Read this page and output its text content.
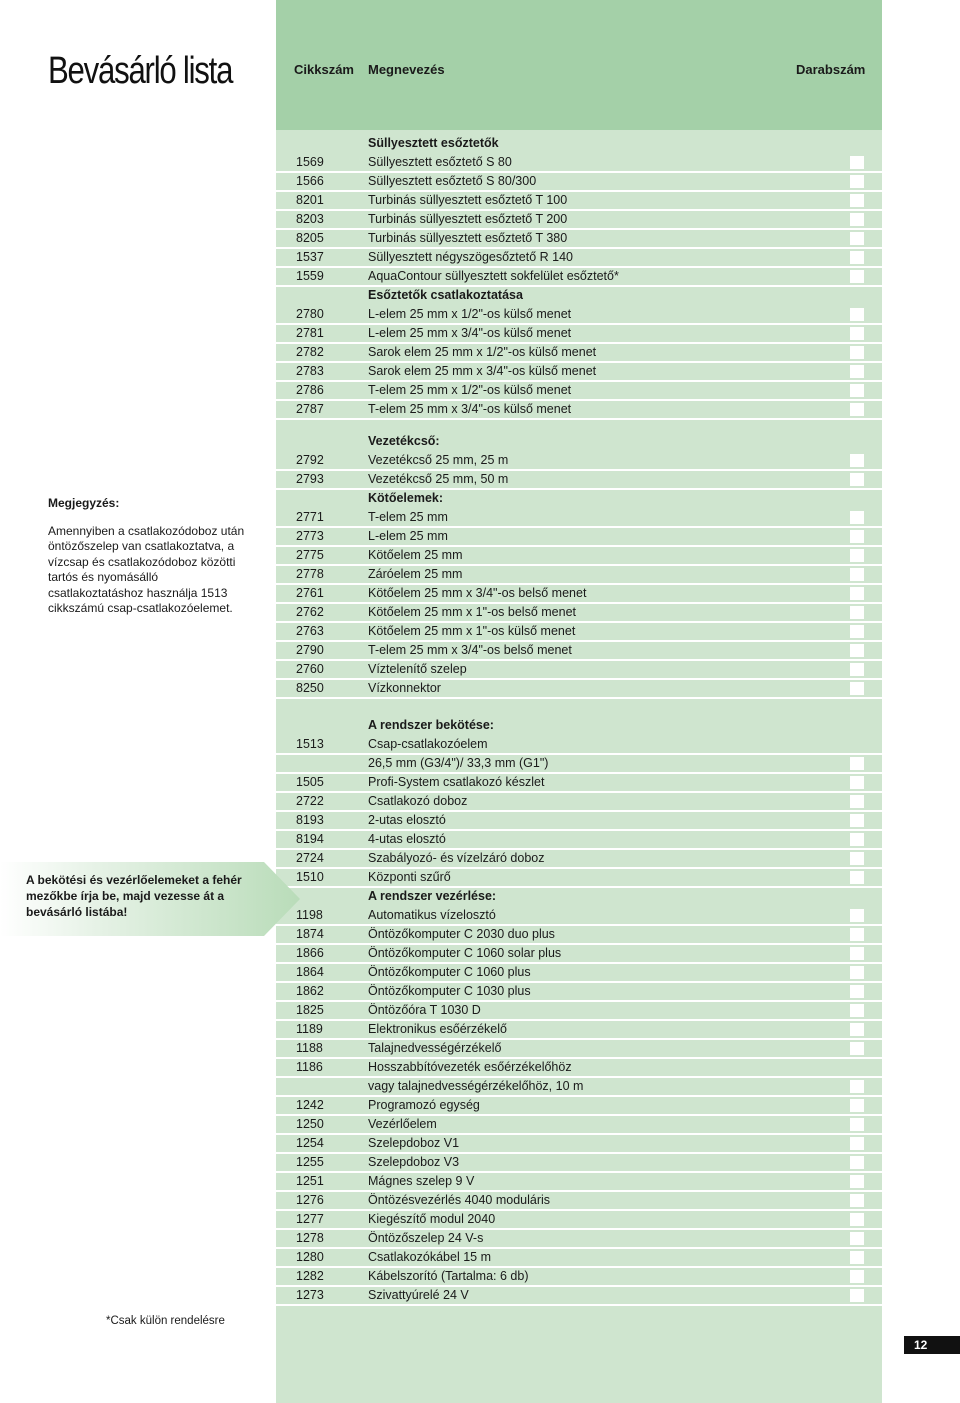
Bevásárló lista	Cikkszám Megnevezés	Darabszám
Süllyesztett esőztetők
1569	Süllyesztett esőztető S 80
1566	Süllyesztett esőztető S 80/300
8201	Turbinás süllyesztett esőztető T 100
8203	Turbinás süllyesztett esőztető T 200
8205	Turbinás süllyesztett esőztető T 380
1537	Süllyesztett négyszögesőztető R 140
1559	AquaContour süllyesztett sokfelület esőztető*
Esőztetők csatlakoztatása
2780	L-elem 25 mm x 1/2"-os külső menet
2781	L-elem 25 mm x 3/4"-os külső menet
2782	Sarok elem 25 mm x 1/2"-os külső menet
2783	Sarok elem 25 mm x 3/4"-os külső menet
2786	T-elem 25 mm x 1/2"-os külső menet
2787	T-elem 25 mm x 3/4"-os külső menet
Vezetékcső:
2792	Vezetékcső 25 mm, 25 m
2793	Vezetékcső 25 mm, 50 m
Kötőelemek:
2771	T-elem 25 mm
2773	L-elem 25 mm
2775	Kötőelem 25 mm
2778	Záróelem 25 mm
2761	Kötőelem 25 mm x 3/4"-os belső menet
2762	Kötőelem 25 mm x 1"-os belső menet
2763	Kötőelem 25 mm x 1"-os külső menet
2790	T-elem 25 mm x 3/4"-os belső menet
2760	Víztelenítő szelep
8250	Vízkonnektor
A rendszer bekötése:
1513	Csap-csatlakozóelem
26,5 mm (G3/4")/ 33,3 mm (G1")
1505	Profi-System csatlakozó készlet
2722	Csatlakozó doboz
8193	2-utas elosztó
8194	4-utas elosztó
2724	Szabályozó- és vízelzáró doboz
1510	Központi szűrő
A rendszer vezérlése:
1198	Automatikus vízelosztó
1874	Öntözőkomputer C 2030 duo plus
1866	Öntözőkomputer C 1060 solar plus
1864	Öntözőkomputer C 1060 plus
1862	Öntözőkomputer C 1030 plus
1825	Öntözőóra T 1030 D
1189	Elektronikus esőérzékelő
1188	Talajnedvességérzékelő
1186	Hosszabbítóvezeték esőérzékelőhöz
vagy talajnedvességérzékelőhöz, 10 m
1242	Programozó egység
1250	Vezérlőelem
1254	Szelepdoboz V1
1255	Szelepdoboz V3
1251	Mágnes szelep 9 V
1276	Öntözésvezérlés 4040 moduláris
1277	Kiegészítő modul 2040
1278	Öntözőszelep 24 V-s
1280	Csatlakozókábel 15 m
1282	Kábelszorító (Tartalma: 6 db)
1273	Szivattyúrelé 24 V
Megjegyzés:
Amennyiben a csatlakozódoboz után öntözőszelep van csatlakoztatva, a vízcsap és csatlakozódoboz közötti tartós és nyomásálló csatlakoztatáshoz használja 1513 cikkszámú csap-csatlakozóelemet.
A bekötési és vezérlőelemeket a fehér mezőkbe írja be, majd vezesse át a bevásárló listába!
*Csak külön rendelésre
12
